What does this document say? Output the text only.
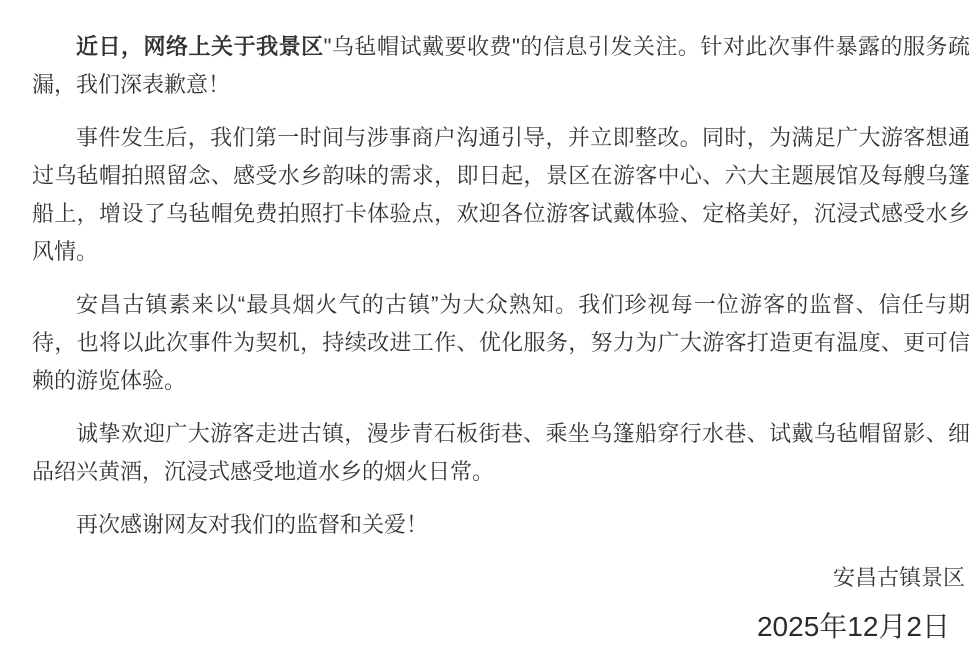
近日，网络上关于我景区"乌毡帽试戴要收费"的信息引发关注。针对此次事件暴露的服务疏漏，我们深表歉意！

事件发生后，我们第一时间与涉事商户沟通引导，并立即整改。同时，为满足广大游客想通过乌毡帽拍照留念、感受水乡韵味的需求，即日起，景区在游客中心、六大主题展馆及每艘乌篷船上，增设了乌毡帽免费拍照打卡体验点，欢迎各位游客试戴体验、定格美好，沉浸式感受水乡风情。

安昌古镇素来以“最具烟火气的古镇”为大众熟知。我们珍视每一位游客的监督、信任与期待，也将以此次事件为契机，持续改进工作、优化服务，努力为广大游客打造更有温度、更可信赖的游览体验。

诚挚欢迎广大游客走进古镇，漫步青石板街巷、乘坐乌篷船穿行水巷、试戴乌毡帽留影、细品绍兴黄酒，沉浸式感受地道水乡的烟火日常。

再次感谢网友对我们的监督和关爱！

安昌古镇景区
2025年12月2日
